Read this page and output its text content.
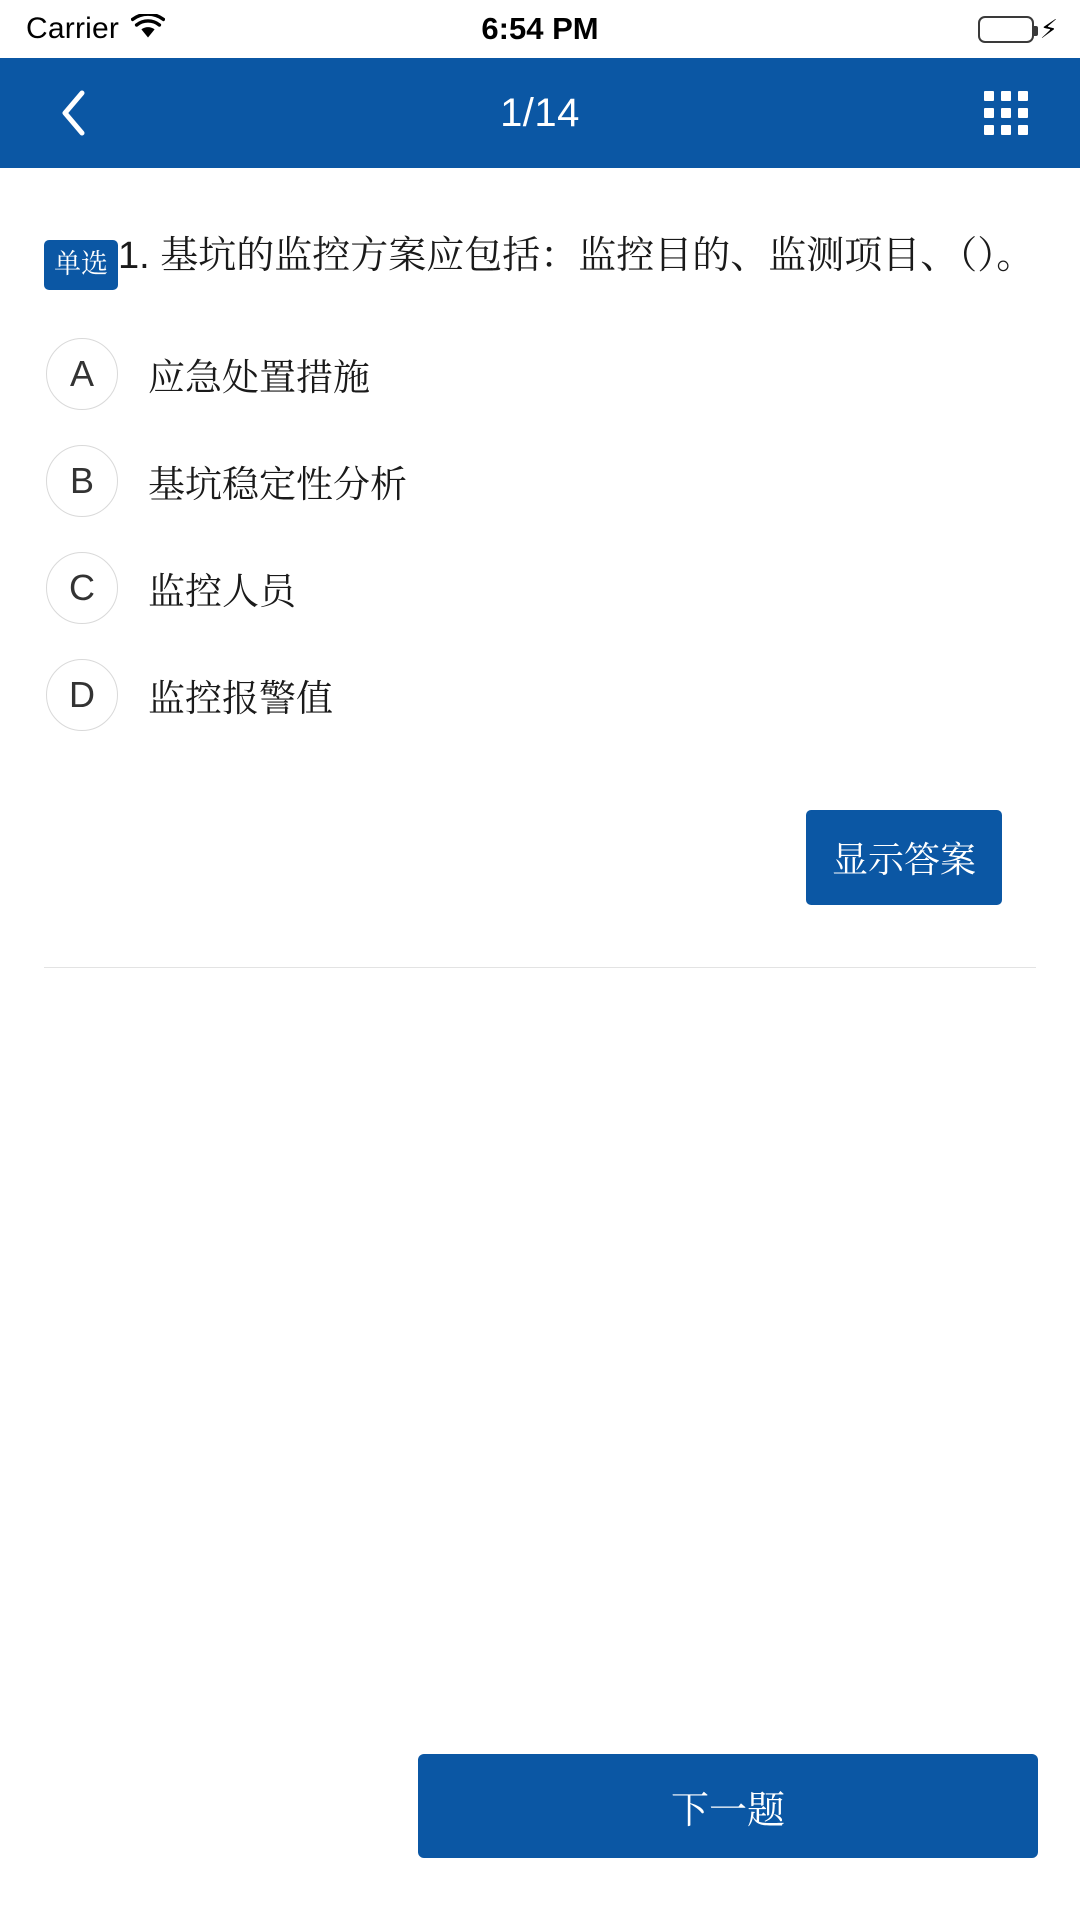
Carrier	6:54 PM	⚡
1/14
单选 1. 基坑的监控方案应包括：监控目的、监测项目、（）。
A	应急处置措施
B	基坑稳定性分析
C	监控人员
D	监控报警值
显示答案
下一题
